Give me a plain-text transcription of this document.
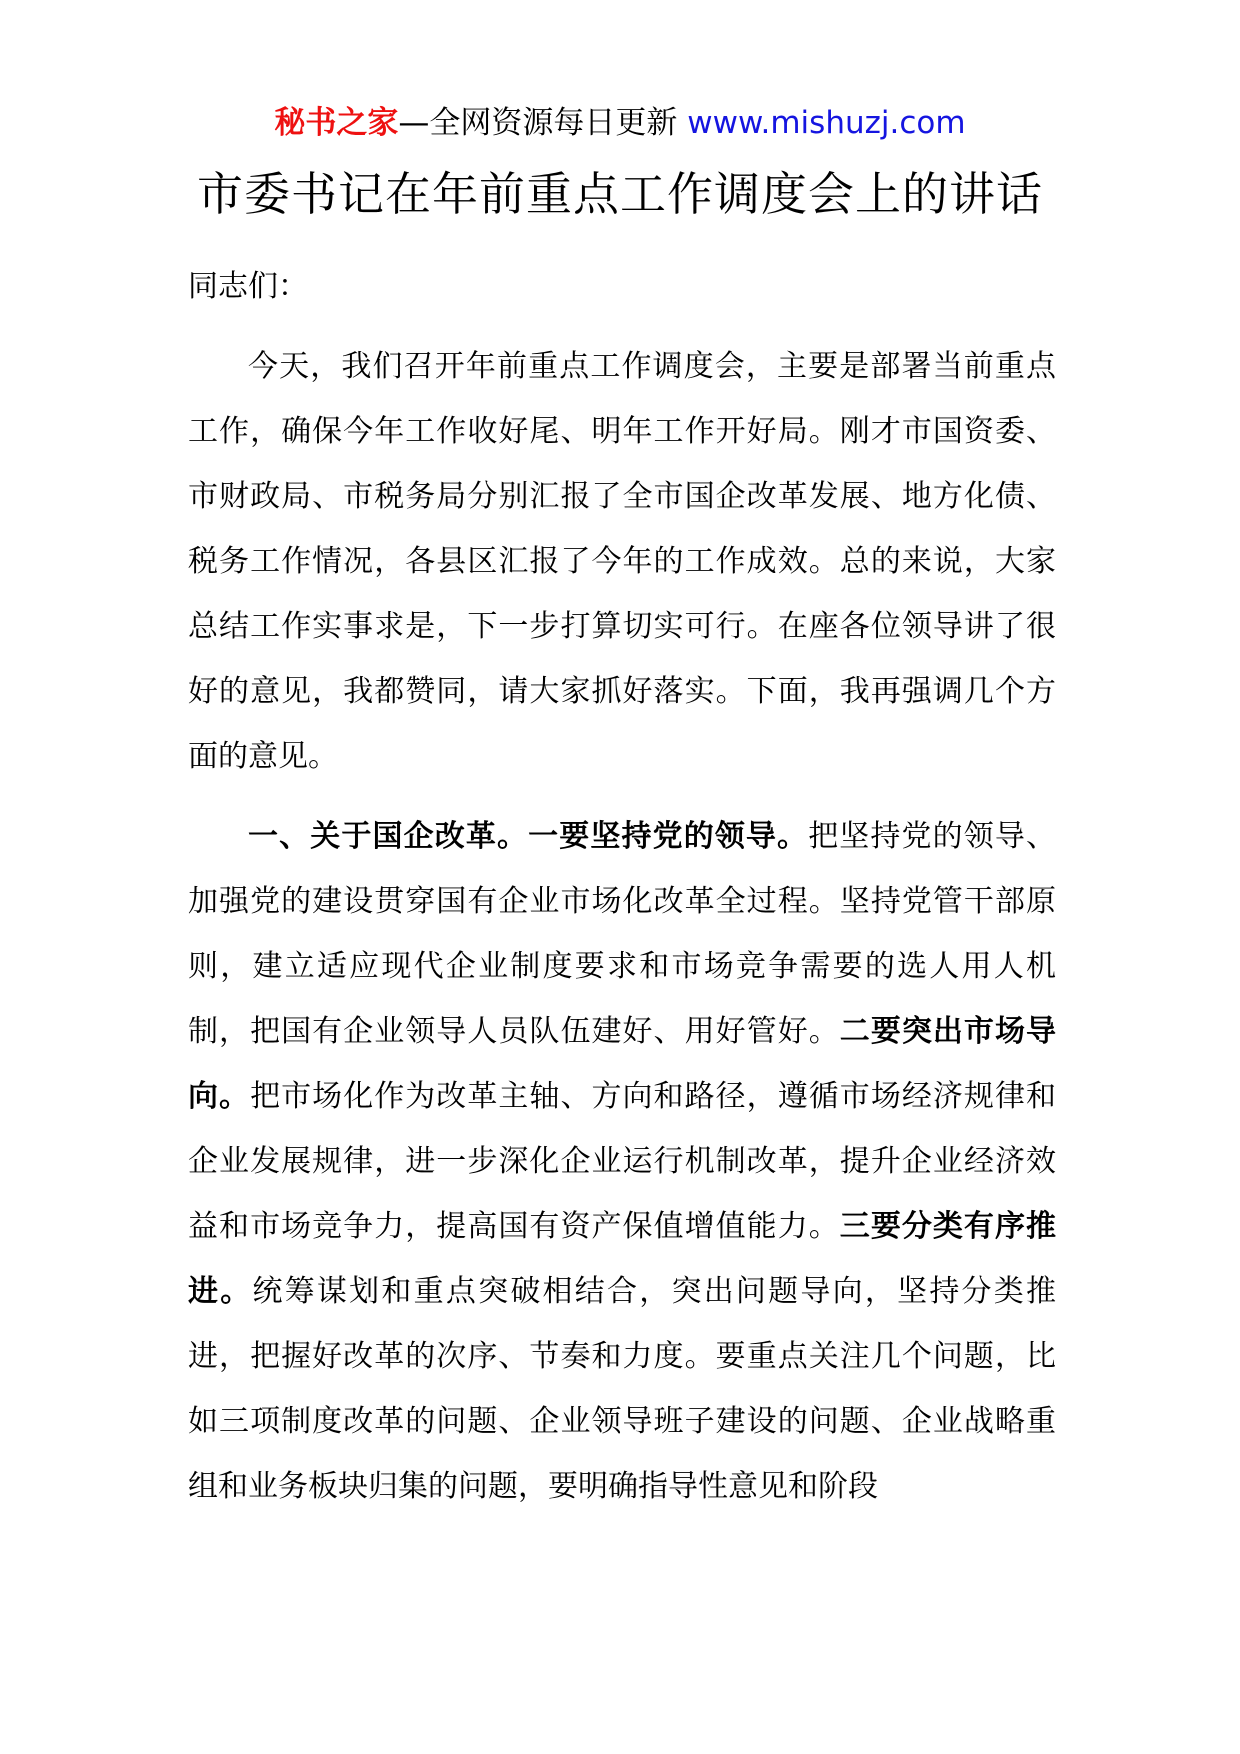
秘书之家—全网资源每日更新 www.mishuzj.com
市委书记在年前重点工作调度会上的讲话

同志们：

今天，我们召开年前重点工作调度会，主要是部署当前重点工作，确保今年工作收好尾、明年工作开好局。刚才市国资委、市财政局、市税务局分别汇报了全市国企改革发展、地方化债、税务工作情况，各县区汇报了今年的工作成效。总的来说，大家总结工作实事求是，下一步打算切实可行。在座各位领导讲了很好的意见，我都赞同，请大家抓好落实。下面，我再强调几个方面的意见。

一、关于国企改革。一要坚持党的领导。把坚持党的领导、加强党的建设贯穿国有企业市场化改革全过程。坚持党管干部原则，建立适应现代企业制度要求和市场竞争需要的选人用人机制，把国有企业领导人员队伍建好、用好管好。二要突出市场导向。把市场化作为改革主轴、方向和路径，遵循市场经济规律和企业发展规律，进一步深化企业运行机制改革，提升企业经济效益和市场竞争力，提高国有资产保值增值能力。三要分类有序推进。统筹谋划和重点突破相结合，突出问题导向，坚持分类推进，把握好改革的次序、节奏和力度。要重点关注几个问题，比如三项制度改革的问题、企业领导班子建设的问题、企业战略重组和业务板块归集的问题，要明确指导性意见和阶段
